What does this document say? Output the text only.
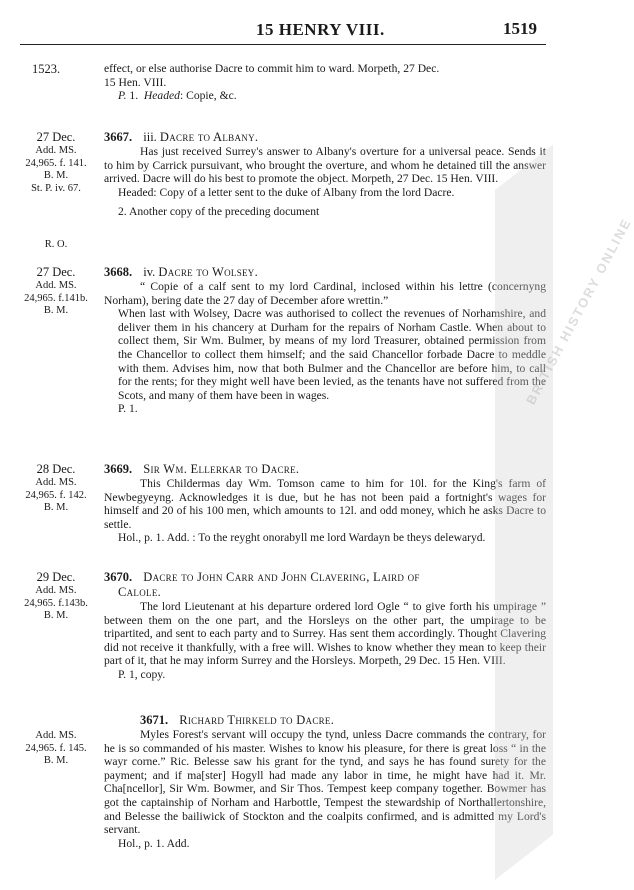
15 HENRY VIII.	1519
1523.	effect, or else authorise Dacre to commit him to ward. Morpeth, 27 Dec.

15 Hen. VIII.

P. 1. Headed: Copie, &c.

27 Dec.
Add. MS.
24,965. f. 141.
B. M.
St. P. iv. 67.
R. O.

3667. iii. Dacre to Albany.

Has just received Surrey's answer to Albany's overture for a universal peace. Sends it to him by Carrick pursuivant, who brought the overture, and whom he detained till the answer arrived. Dacre will do his best to promote the object. Morpeth, 27 Dec. 15 Hen. VIII.

Headed: Copy of a letter sent to the duke of Albany from the lord Dacre.

2. Another copy of the preceding document

27 Dec.
Add. MS.
24,965. f.141b.
B. M.

3668. iv. Dacre to Wolsey.

“ Copie of a calf sent to my lord Cardinal, inclosed within his lettre (concernyng Norham), bering date the 27 day of December afore wrettin.”

When last with Wolsey, Dacre was authorised to collect the revenues of Norhamshire, and deliver them in his chancery at Durham for the repairs of Norham Castle. When about to collect them, Sir Wm. Bulmer, by means of my lord Treasurer, obtained permission from the Chancellor to collect them himself; and the said Chancellor forbade Dacre to meddle with them. Advises him, now that both Bulmer and the Chancellor are before him, to call for the rents; for they might well have been levied, as the tenants have not suffered from the Scots, and many of them have been in wages.

P. 1.

28 Dec.
Add. MS.
24,965. f. 142.
B. M.

3669. Sir Wm. Ellerkar to Dacre.

This Childermas day Wm. Tomson came to him for 10l. for the King's farm of Newbegyeyng. Acknowledges it is due, but he has not been paid a fortnight's wages for himself and 20 of his 100 men, which amounts to 12l. and odd money, which he asks Dacre to settle.

Hol., p. 1. Add. : To the reyght onorabyll me lord Wardayn be theys delewaryd.

29 Dec.
Add. MS.
24,965. f.143b.
B. M.

3670. Dacre to John Carr and John Clavering, Laird of

Calole.

The lord Lieutenant at his departure ordered lord Ogle “ to give forth his umpirage ” between them on the one part, and the Horsleys on the other part, the umpirage to be tripartited, and sent to each party and to Surrey. Has sent them accordingly. Thought Clavering did not receive it thankfully, with a free will. Wishes to know whether they mean to keep their part of it, that he may inform Surrey and the Horsleys. Morpeth, 29 Dec. 15 Hen. VIII.

P. 1, copy.

Add. MS.
24,965. f. 145.
B. M.

3671. Richard Thirkeld to Dacre.

Myles Forest's servant will occupy the tynd, unless Dacre commands the contrary, for he is so commanded of his master. Wishes to know his pleasure, for there is great loss “ in the wayr corne.” Ric. Belesse saw his grant for the tynd, and says he has found surety for the payment; and if ma[ster] Hogyll had made any labor in time, he might have had it. Mr. Cha[ncellor], Sir Wm. Bowmer, and Sir Thos. Tempest keep company together. Bowmer has got the captainship of Norham and Harbottle, Tempest the stewardship of Northallertonshire, and Belesse the bailiwick of Stockton and the coalpits confirmed, and is admitted my Lord's servant.

Hol., p. 1. Add.

BRITISH HISTORY ONLINE
